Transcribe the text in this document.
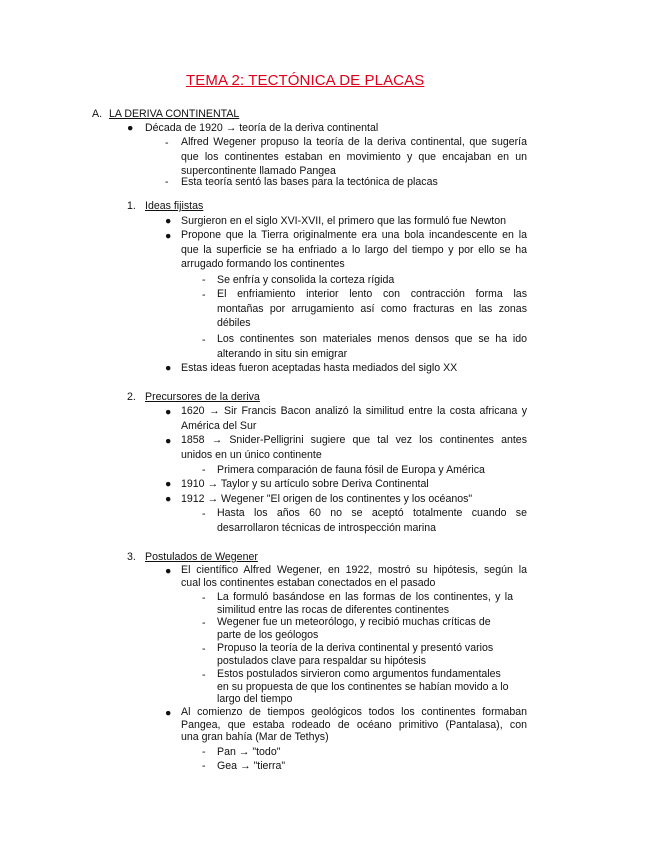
TEMA 2: TECTÓNICA DE PLACAS
A. LA DERIVA CONTINENTAL
● Década de 1920 → teoría de la deriva continental
- Alfred Wegener propuso la teoría de la deriva continental, que sugería
que los continentes estaban en movimiento y que encajaban en un
supercontinente llamado Pangea
- Esta teoría sentó las bases para la tectónica de placas
1. Ideas fijistas
● Surgieron en el siglo XVI-XVII, el primero que las formuló fue Newton
● Propone que la Tierra originalmente era una bola incandescente en la
que la superficie se ha enfriado a lo largo del tiempo y por ello se ha
arrugado formando los continentes
- Se enfría y consolida la corteza rígida
- El enfriamiento interior lento con contracción forma las
montañas por arrugamiento así como fracturas en las zonas
débiles
- Los continentes son materiales menos densos que se ha ido
alterando in situ sin emigrar
● Estas ideas fueron aceptadas hasta mediados del siglo XX
2. Precursores de la deriva
● 1620 → Sir Francis Bacon analizó la similitud entre la costa africana y
América del Sur
● 1858 → Snider-Pelligrini sugiere que tal vez los continentes antes
unidos en un único continente
- Primera comparación de fauna fósil de Europa y América
● 1910 → Taylor y su artículo sobre Deriva Continental
● 1912 → Wegener "El origen de los continentes y los océanos"
- Hasta los años 60 no se aceptó totalmente cuando se
desarrollaron técnicas de introspección marina
3. Postulados de Wegener
● El científico Alfred Wegener, en 1922, mostró su hipótesis, según la
cual los continentes estaban conectados en el pasado
- La formuló basándose en las formas de los continentes, y la
similitud entre las rocas de diferentes continentes
- Wegener fue un meteorólogo, y recibió muchas críticas de
parte de los geólogos
- Propuso la teoría de la deriva continental y presentó varios
postulados clave para respaldar su hipótesis
- Estos postulados sirvieron como argumentos fundamentales
en su propuesta de que los continentes se habían movido a lo
largo del tiempo
● Al comienzo de tiempos geológicos todos los continentes formaban
Pangea, que estaba rodeado de océano primitivo (Pantalasa), con
una gran bahía (Mar de Tethys)
- Pan → "todo"
- Gea → "tierra"
